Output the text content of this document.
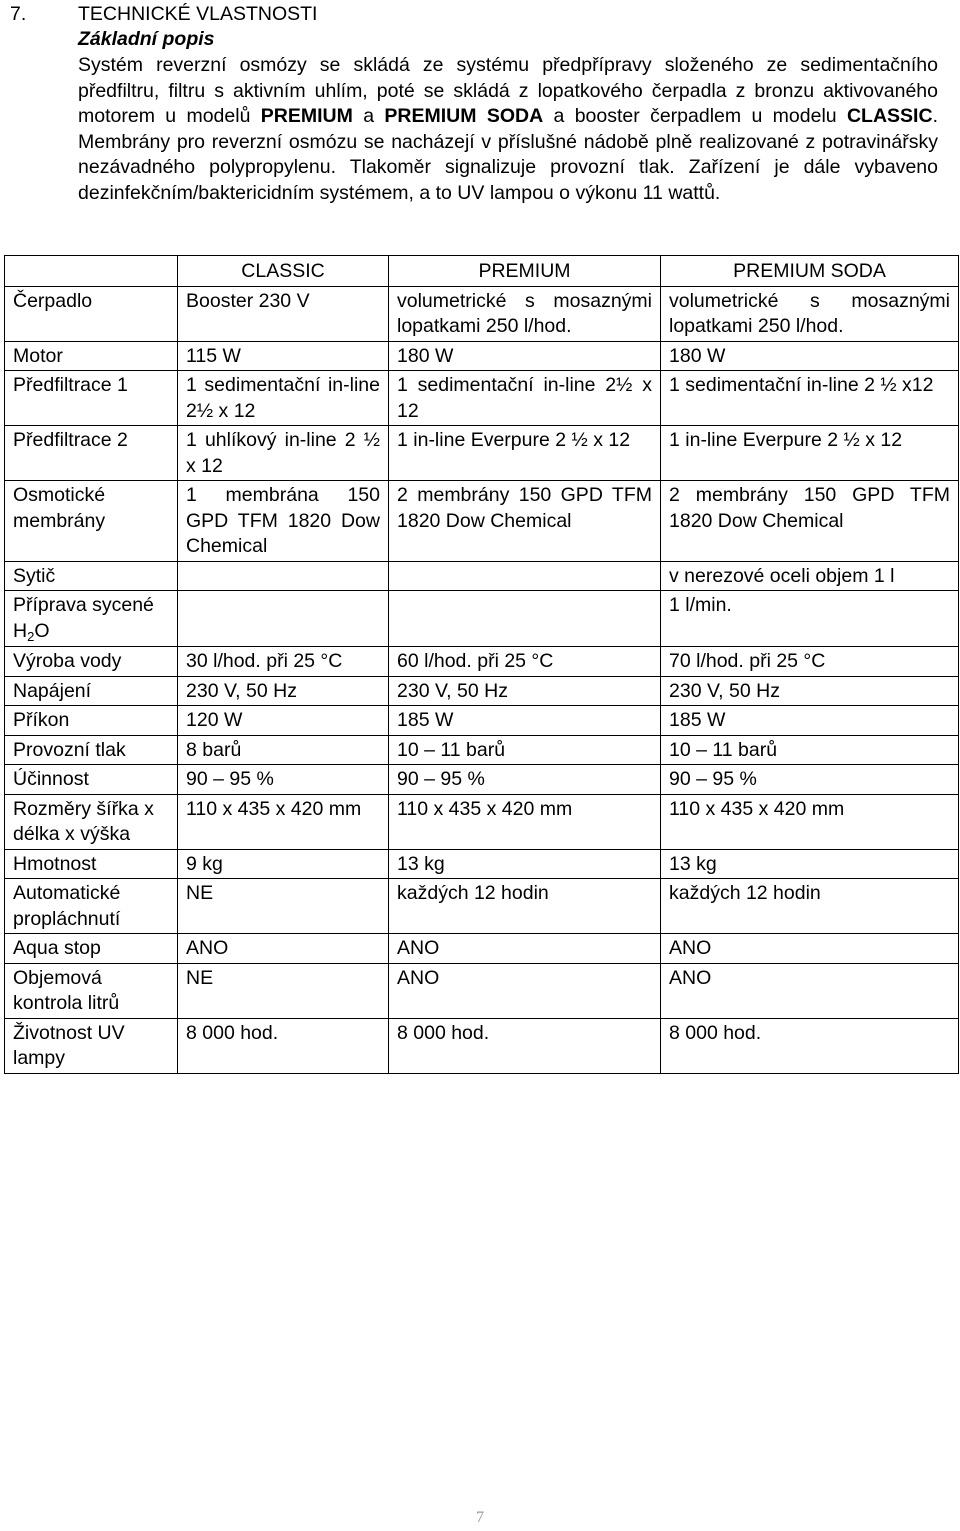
7.	TECHNICKÉ VLASTNOSTI
Základní popis
Systém reverzní osmózy se skládá ze systému předpřípravy složeného ze sedimentačního předfiltru, filtru s aktivním uhlím, poté se skládá z lopatkového čerpadla z bronzu aktivovaného motorem u modelů PREMIUM a PREMIUM SODA a booster čerpadlem u modelu CLASSIC. Membrány pro reverzní osmózu se nacházejí v příslušné nádobě plně realizované z potravinářsky nezávadného polypropylenu. Tlakoměr signalizuje provozní tlak. Zařízení je dále vybaveno dezinfekčním/baktericidním systémem, a to UV lampou o výkonu 11 wattů.
	CLASSIC	PREMIUM	PREMIUM SODA
Čerpadlo	Booster 230 V	volumetrické s mosaznými lopatkami 250 l/hod.	volumetrické s mosaznými lopatkami 250 l/hod.
Motor	115 W	180 W	180 W
Předfiltrace 1	1 sedimentační in-line 2½ x 12	1 sedimentační in-line 2½ x 12	1 sedimentační in-line 2 ½ x12
Předfiltrace 2	1 uhlíkový in-line 2 ½ x 12	1 in-line Everpure 2 ½ x 12	1 in-line Everpure 2 ½ x 12
Osmotické membrány	1 membrána 150 GPD TFM 1820 Dow Chemical	2 membrány 150 GPD TFM 1820 Dow Chemical	2 membrány 150 GPD TFM 1820 Dow Chemical
Sytič			v nerezové oceli objem 1 l
Příprava sycené $H_2O$			1 l/min.
Výroba vody	30 l/hod. při 25 °C	60 l/hod. při 25 °C	70 l/hod. při 25 °C
Napájení	230 V, 50 Hz	230 V, 50 Hz	230 V, 50 Hz
Příkon	120 W	185 W	185 W
Provozní tlak	8 barů	10 – 11 barů	10 – 11 barů
Účinnost	90 – 95 %	90 – 95 %	90 – 95 %
Rozměry šířka x délka x výška	110 x 435 x 420 mm	110 x 435 x 420 mm	110 x 435 x 420 mm
Hmotnost	9 kg	13 kg	13 kg
Automatické propláchnutí	NE	každých 12 hodin	každých 12 hodin
Aqua stop	ANO	ANO	ANO
Objemová kontrola litrů	NE	ANO	ANO
Životnost UV lampy	8 000 hod.	8 000 hod.	8 000 hod.
7
